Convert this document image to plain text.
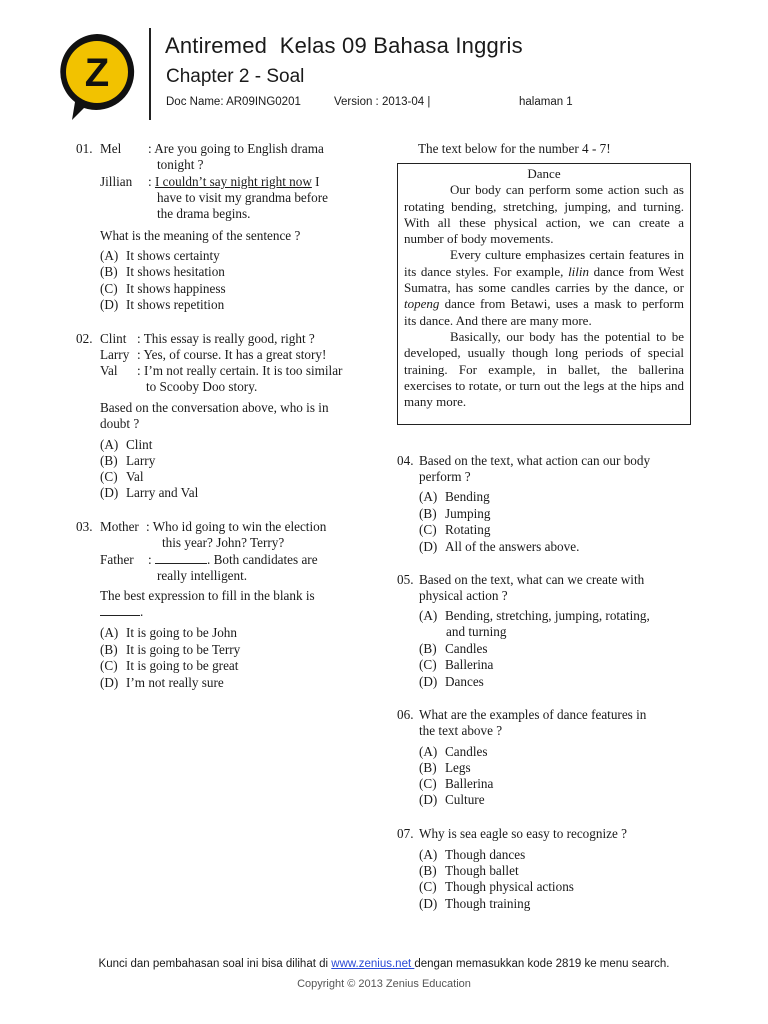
Z
Antiremed  Kelas 09 Bahasa Inggris
Chapter 2 - Soal
Doc Name: AR09ING0201	Version : 2013-04 |	halaman 1
01. Mel : Are you going to English drama
tonight ?
Jillian : I couldn’t say night right now I
have to visit my grandma before
the drama begins.
What is the meaning of the sentence ?
(A) It shows certainty
(B) It shows hesitation
(C) It shows happiness
(D) It shows repetition
02. Clint : This essay is really good, right ?
Larry : Yes, of course. It has a great story!
Val : I’m not really certain. It is too similar
to Scooby Doo story.
Based on the conversation above, who is in
doubt ?
(A) Clint
(B) Larry
(C) Val
(D) Larry and Val
03. Mother : Who id going to win the election
this year? John? Terry?
Father :	. Both candidates are
really intelligent.
The best expression to fill in the blank is
.
(A) It is going to be John
(B) It is going to be Terry
(C) It is going to be great
(D) I’m not really sure
The text below for the number 4 - 7!
Dance

Our body can perform some action such as rotating bending, stretching, jumping, and turning. With all these physical action, we can create a number of body movements.

Every culture emphasizes certain features in its dance styles. For example, lilin dance from West Sumatra, has some candles carries by the dance, or topeng dance from Betawi, uses a mask to perform its dance. And there are many more.

Basically, our body has the potential to be developed, usually though long periods of special training. For example, in ballet, the ballerina exercises to rotate, or turn out the legs at the hips and many more.

04. Based on the text, what action can our body
perform ?
(A) Bending
(B) Jumping
(C) Rotating
(D) All of the answers above.
05. Based on the text, what can we create with
physical action ?
(A) Bending, stretching, jumping, rotating,
and turning
(B) Candles
(C) Ballerina
(D) Dances
06. What are the examples of dance features in
the text above ?
(A) Candles
(B) Legs
(C) Ballerina
(D) Culture
07. Why is sea eagle so easy to recognize ?
(A) Though dances
(B) Though ballet
(C) Though physical actions
(D) Though training
Kunci dan pembahasan soal ini bisa dilihat di www.zenius.net dengan memasukkan kode 2819 ke menu search.
Copyright © 2013 Zenius Education
